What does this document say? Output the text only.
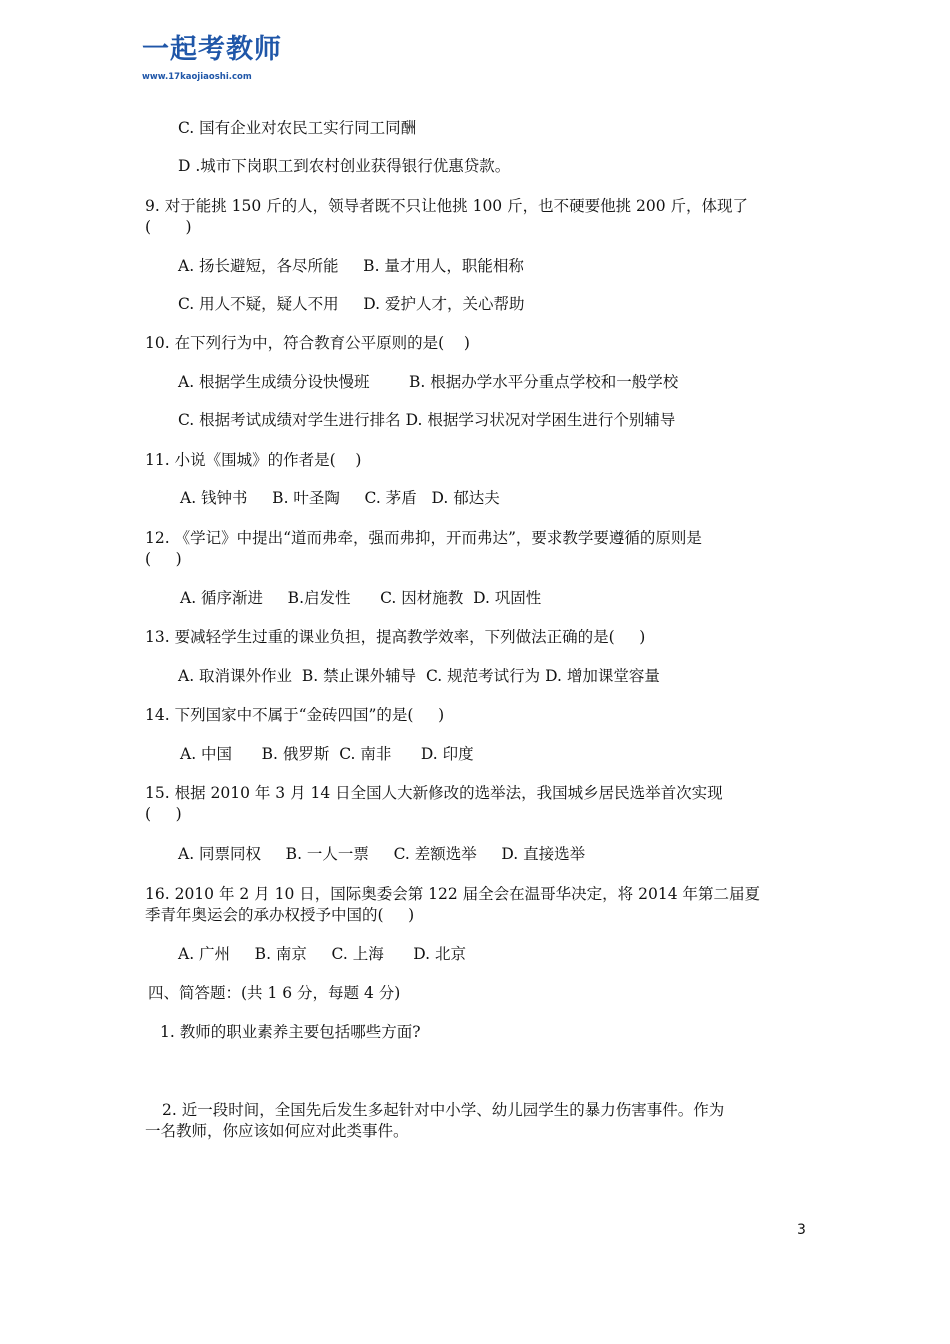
一起考教师
www.17kaojiaoshi.com
C. 国有企业对农民工实行同工同酬
D .城市下岗职工到农村创业获得银行优惠贷款。
9. 对于能挑 150 斤的人，领导者既不只让他挑 100 斤，也不硬要他挑 200 斤，体现了
(       )
A. 扬长避短，各尽所能     B. 量才用人，职能相称
C. 用人不疑，疑人不用     D. 爱护人才，关心帮助
10. 在下列行为中，符合教育公平原则的是(    )
A. 根据学生成绩分设快慢班        B. 根据办学水平分重点学校和一般学校
C. 根据考试成绩对学生进行排名 D. 根据学习状况对学困生进行个别辅导
11. 小说《围城》的作者是(    )
A. 钱钟书     B. 叶圣陶     C. 茅盾   D. 郁达夫
12. 《学记》中提出“道而弗牵，强而弗抑，开而弗达”，要求教学要遵循的原则是
(     )
A. 循序渐进     B.启发性      C. 因材施教  D. 巩固性
13. 要减轻学生过重的课业负担，提高教学效率，下列做法正确的是(     )
A. 取消课外作业  B. 禁止课外辅导  C. 规范考试行为 D. 增加课堂容量
14. 下列国家中不属于“金砖四国”的是(     )
A. 中国      B. 俄罗斯  C. 南非      D. 印度
15. 根据 2010 年 3 月 14 日全国人大新修改的选举法，我国城乡居民选举首次实现
(     )
A. 同票同权     B. 一人一票     C. 差额选举     D. 直接选举
16. 2010 年 2 月 10 日，国际奥委会第 122 届全会在温哥华决定，将 2014 年第二届夏
季青年奥运会的承办权授予中国的(     )
A. 广州     B. 南京     C. 上海      D. 北京
四、简答题：(共 1 6 分，每题 4 分)
1. 教师的职业素养主要包括哪些方面?
2. 近一段时间，全国先后发生多起针对中小学、幼儿园学生的暴力伤害事件。作为
一名教师，你应该如何应对此类事件。
3
